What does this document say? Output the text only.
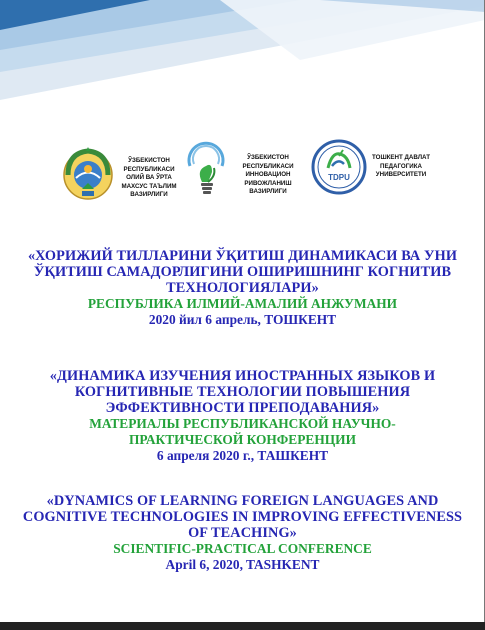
ЎЗБЕКИСТОН
РЕСПУБЛИКАСИ
ОЛИЙ ВА ЎРТА
МАХСУС ТАЪЛИМ
ВАЗИРЛИГИ
ЎЗБЕКИСТОН
РЕСПУБЛИКАСИ
ИННОВАЦИОН
РИВОЖЛАНИШ
ВАЗИРЛИГИ
TDPU
ТОШКЕНТ ДАВЛАТ
ПЕДАГОГИКА
УНИВЕРСИТЕТИ
«ХОРИЖИЙ ТИЛЛАРИНИ ЎҚИТИШ ДИНАМИКАСИ ВА УНИ
ЎҚИТИШ САМАДОРЛИГИНИ ОШИРИШНИНГ КОГНИТИВ
ТЕХНОЛОГИЯЛАРИ»
РЕСПУБЛИКА ИЛМИЙ-АМАЛИЙ АНЖУМАНИ
2020 йил 6 апрель, ТОШКЕНТ
«ДИНАМИКА ИЗУЧЕНИЯ ИНОСТРАННЫХ ЯЗЫКОВ И
КОГНИТИВНЫЕ ТЕХНОЛОГИИ ПОВЫШЕНИЯ
ЭФФЕКТИВНОСТИ ПРЕПОДАВАНИЯ»
МАТЕРИАЛЫ РЕСПУБЛИКАНСКОЙ НАУЧНО-
ПРАКТИЧЕСКОЙ КОНФЕРЕНЦИИ
6 апреля 2020 г., ТАШКЕНТ
«DYNAMICS OF LEARNING FOREIGN LANGUAGES AND
COGNITIVE TECHNOLOGIES IN IMPROVING EFFECTIVENESS
OF TEACHING»
SCIENTIFIC-PRACTICAL CONFERENCE
April 6, 2020, TASHKENT
